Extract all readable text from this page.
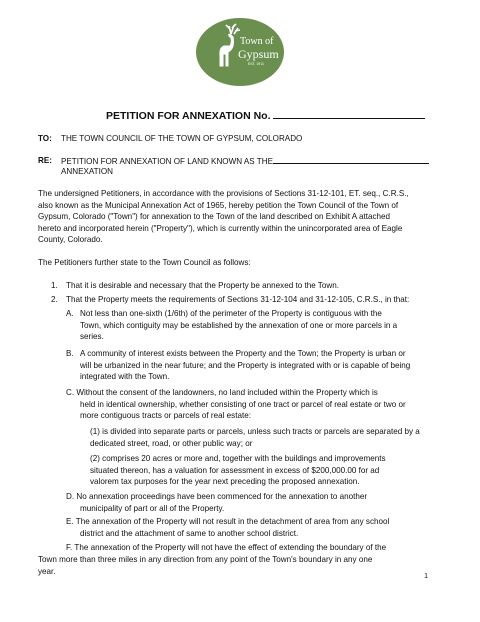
Town of
Gypsum
EST. 1911
PETITION FOR ANNEXATION No.
TO: THE TOWN COUNCIL OF THE TOWN OF GYPSUM, COLORADO
RE: PETITION FOR ANNEXATION OF LAND KNOWN AS THE
ANNEXATION
The undersigned Petitioners, in accordance with the provisions of Sections 31-12-101, ET. seq., C.R.S.,
also known as the Municipal Annexation Act of 1965, hereby petition the Town Council of the Town of
Gypsum, Colorado ("Town") for annexation to the Town of the land described on Exhibit A attached
hereto and incorporated herein ("Property"), which is currently within the unincorporated area of Eagle
County, Colorado.
The Petitioners further state to the Town Council as follows:
1. That it is desirable and necessary that the Property be annexed to the Town.
2. That the Property meets the requirements of Sections 31-12-104 and 31-12-105, C.R.S., in that:
A. Not less than one-sixth (1/6th) of the perimeter of the Property is contiguous with the
Town, which contiguity may be established by the annexation of one or more parcels in a
series.
B. A community of interest exists between the Property and the Town; the Property is urban or
will be urbanized in the near future; and the Property is integrated with or is capable of being
integrated with the Town.
C. Without the consent of the landowners, no land included within the Property which is
held in identical ownership, whether consisting of one tract or parcel of real estate or two or
more contiguous tracts or parcels of real estate:
(1) is divided into separate parts or parcels, unless such tracts or parcels are separated by a
dedicated street, road, or other public way; or
(2) comprises 20 acres or more and, together with the buildings and improvements
situated thereon, has a valuation for assessment in excess of $200,000.00 for ad
valorem tax purposes for the year next preceding the proposed annexation.
D. No annexation proceedings have been commenced for the annexation to another
municipality of part or all of the Property.
E. The annexation of the Property will not result in the detachment of area from any school
district and the attachment of same to another school district.
F. The annexation of the Property will not have the effect of extending the boundary of the
Town more than three miles in any direction from any point of the Town's boundary in any one
year.
1
